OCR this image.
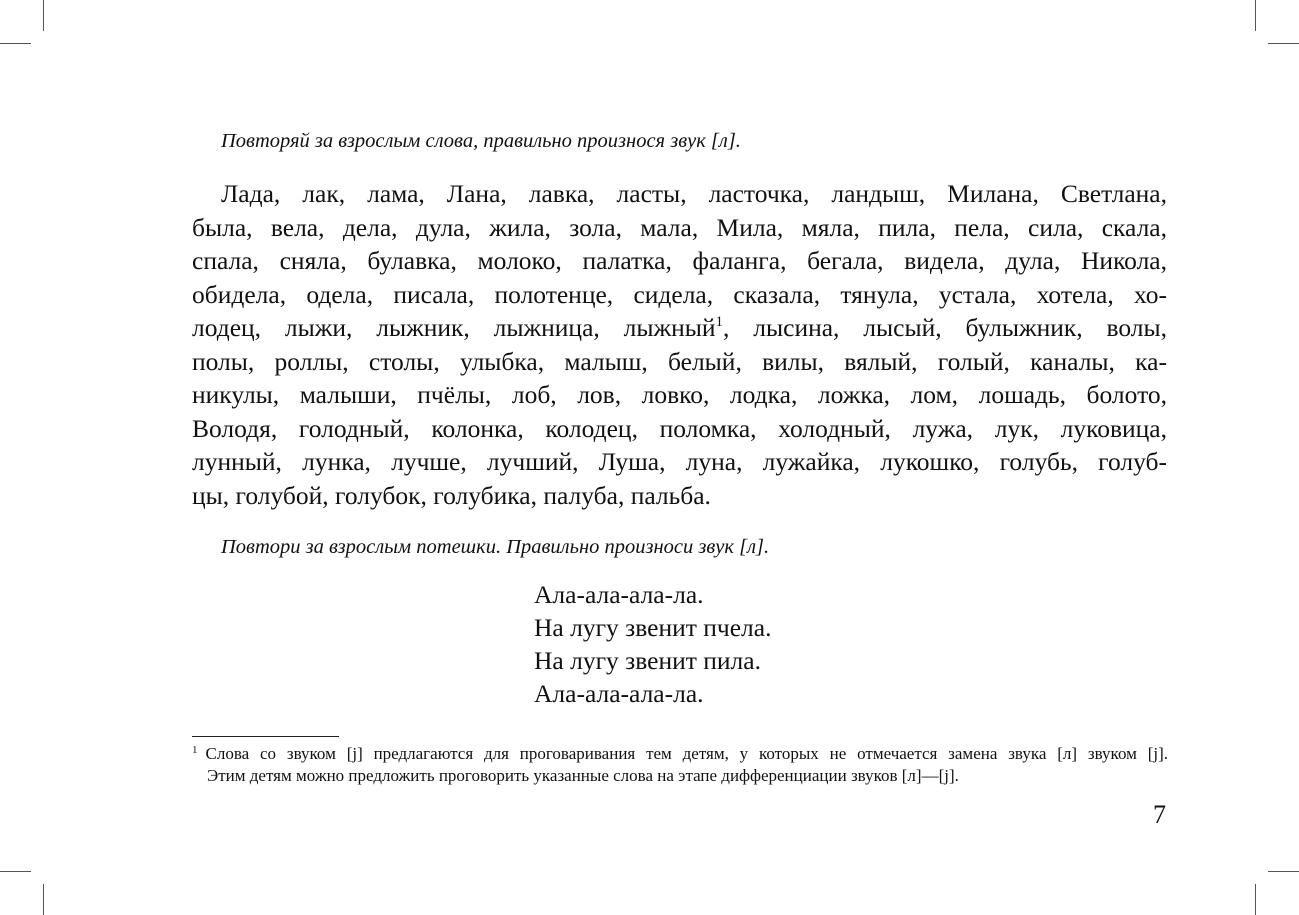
Повторяй за взрослым слова, правильно произнося звук [л].
Лада, лак, лама, Лана, лавка, ласты, ласточка, ландыш, Милана, Светлана,
была, вела, дела, дула, жила, зола, мала, Мила, мяла, пила, пела, сила, скала,
спала, сняла, булавка, молоко, палатка, фаланга, бегала, видела, дула, Никола,
обидела, одела, писала, полотенце, сидела, сказала, тянула, устала, хотела, хо-
лодец, лыжи, лыжник, лыжница, лыжный$^1$, лысина, лысый, булыжник, волы,
полы, роллы, столы, улыбка, малыш, белый, вилы, вялый, голый, каналы, ка-
никулы, малыши, пчёлы, лоб, лов, ловко, лодка, ложка, лом, лошадь, болото,
Володя, голодный, колонка, колодец, поломка, холодный, лужа, лук, луковица,
лунный, лунка, лучше, лучший, Луша, луна, лужайка, лукошко, голубь, голуб-
цы, голубой, голубок, голубика, палуба, пальба.
Повтори за взрослым потешки. Правильно произноси звук [л].
Ала-ала-ала-ла.
На лугу звенит пчела.
На лугу звенит пила.
Ала-ала-ала-ла.
$^1$ Слова со звуком [j] предлагаются для проговаривания тем детям, у которых не отмечается замена звука [л] звуком [j].
Этим детям можно предложить проговорить указанные слова на этапе дифференциации звуков [л]—[j].
7
